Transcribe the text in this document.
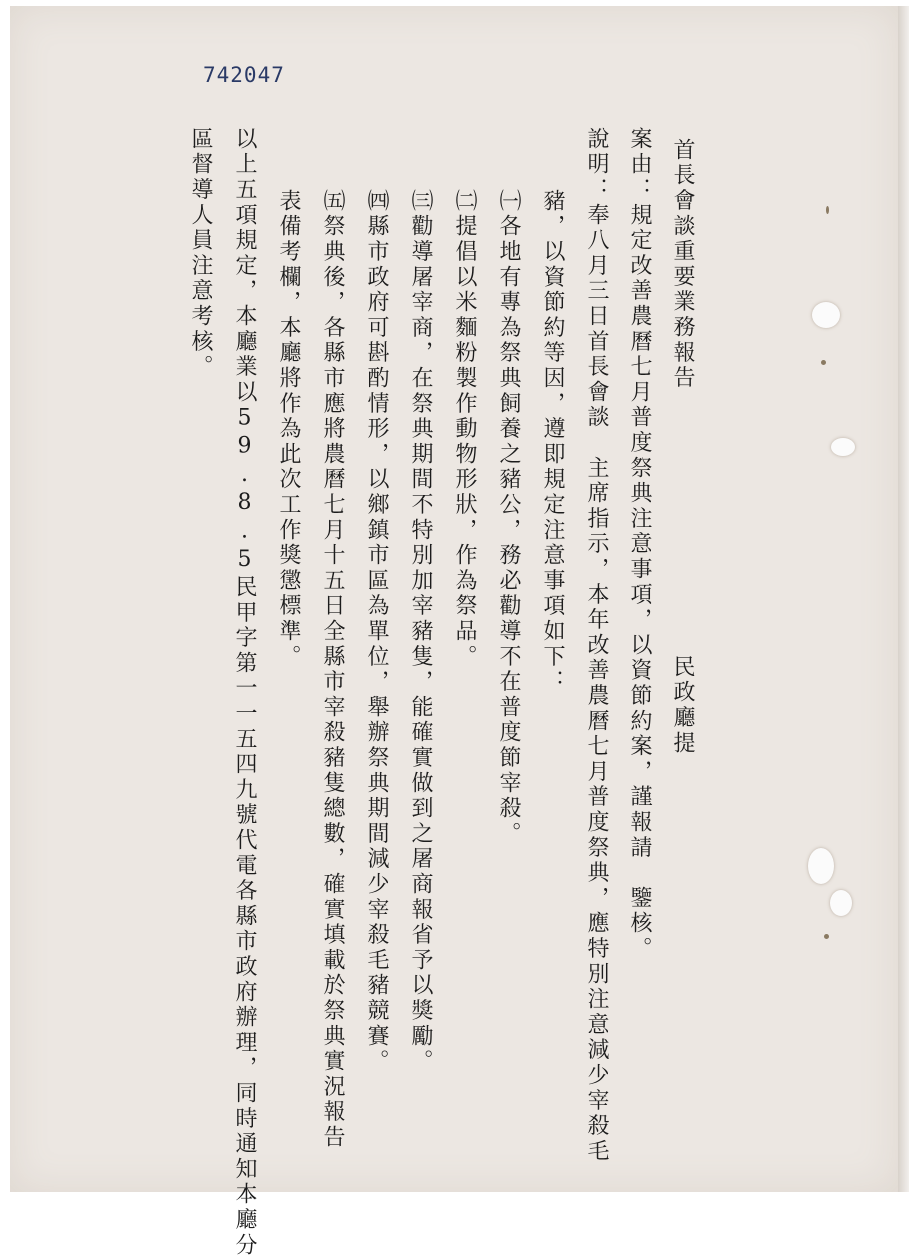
742047
首長會談重要業務報告
民政廳提
案由：規定改善農曆七月普度祭典注意事項，以資節約案，謹報請　鑒核。
說明：奉八月三日首長會談　主席指示，本年改善農曆七月普度祭典，應特別注意減少宰殺毛
豬，以資節約等因，遵即規定注意事項如下：
㈠各地有專為祭典飼養之豬公，務必勸導不在普度節宰殺。
㈡提倡以米麵粉製作動物形狀，作為祭品。
㈢勸導屠宰商，在祭典期間不特別加宰豬隻，能確實做到之屠商報省予以獎勵。
㈣縣市政府可斟酌情形，以鄉鎮市區為單位，舉辦祭典期間減少宰殺毛豬競賽。
㈤祭典後，各縣市應將農曆七月十五日全縣市宰殺豬隻總數，確實填載於祭典實況報告
表備考欄，本廳將作為此次工作獎懲標準。
以上五項規定，本廳業以59.8.5民甲字第一一五四九號代電各縣市政府辦理，同時通知本廳分
區督導人員注意考核。
